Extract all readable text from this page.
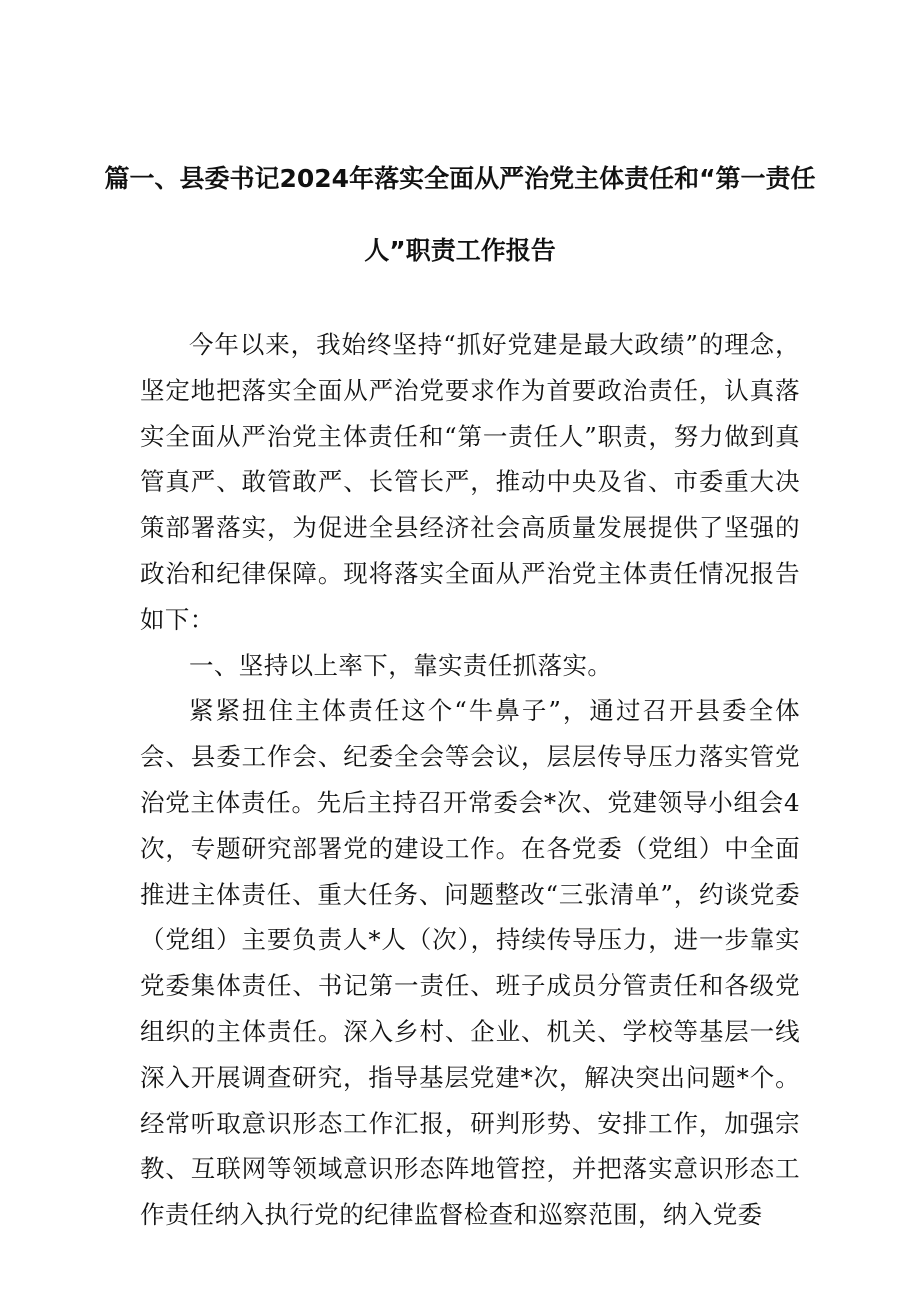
篇一、县委书记2024年落实全面从严治党主体责任和“第一责任人”职责工作报告

今年以来，我始终坚持“抓好党建是最大政绩”的理念，坚定地把落实全面从严治党要求作为首要政治责任，认真落实全面从严治党主体责任和“第一责任人”职责，努力做到真管真严、敢管敢严、长管长严，推动中央及省、市委重大决策部署落实，为促进全县经济社会高质量发展提供了坚强的政治和纪律保障。现将落实全面从严治党主体责任情况报告如下：

一、坚持以上率下，靠实责任抓落实。

紧紧扭住主体责任这个“牛鼻子”，通过召开县委全体会、县委工作会、纪委全会等会议，层层传导压力落实管党治党主体责任。先后主持召开常委会*次、党建领导小组会4次，专题研究部署党的建设工作。在各党委（党组）中全面推进主体责任、重大任务、问题整改“三张清单”，约谈党委（党组）主要负责人*人（次），持续传导压力，进一步靠实党委集体责任、书记第一责任、班子成员分管责任和各级党组织的主体责任。深入乡村、企业、机关、学校等基层一线深入开展调查研究，指导基层党建*次，解决突出问题*个。经常听取意识形态工作汇报，研判形势、安排工作，加强宗教、互联网等领域意识形态阵地管控，并把落实意识形态工作责任纳入执行党的纪律监督检查和巡察范围，纳入党委
